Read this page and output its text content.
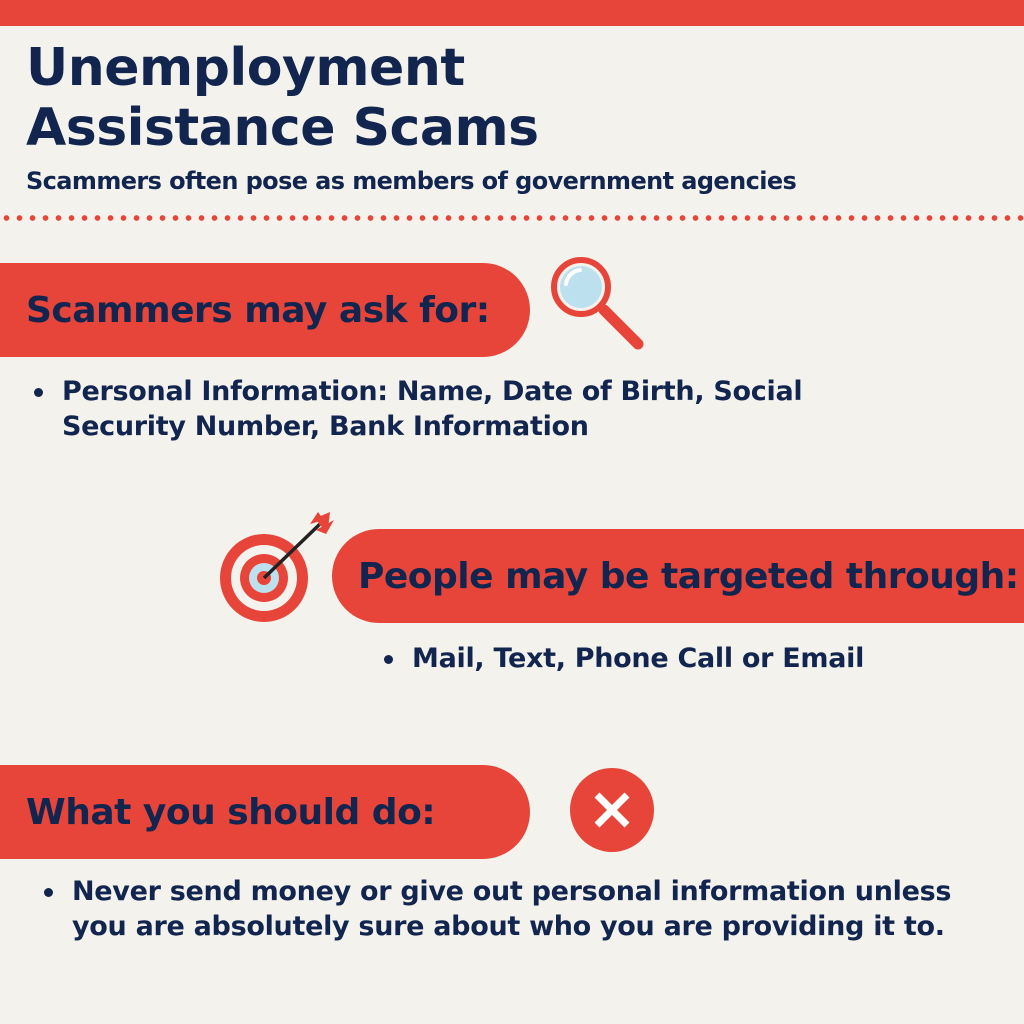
Unemployment Assistance Scams

Scammers often pose as members of government agencies

Scammers may ask for:
Personal Information: Name, Date of Birth, Social Security Number, Bank Information
People may be targeted through:
Mail, Text, Phone Call or Email
What you should do:
Never send money or give out personal information unless you are absolutely sure about who you are providing it to.
